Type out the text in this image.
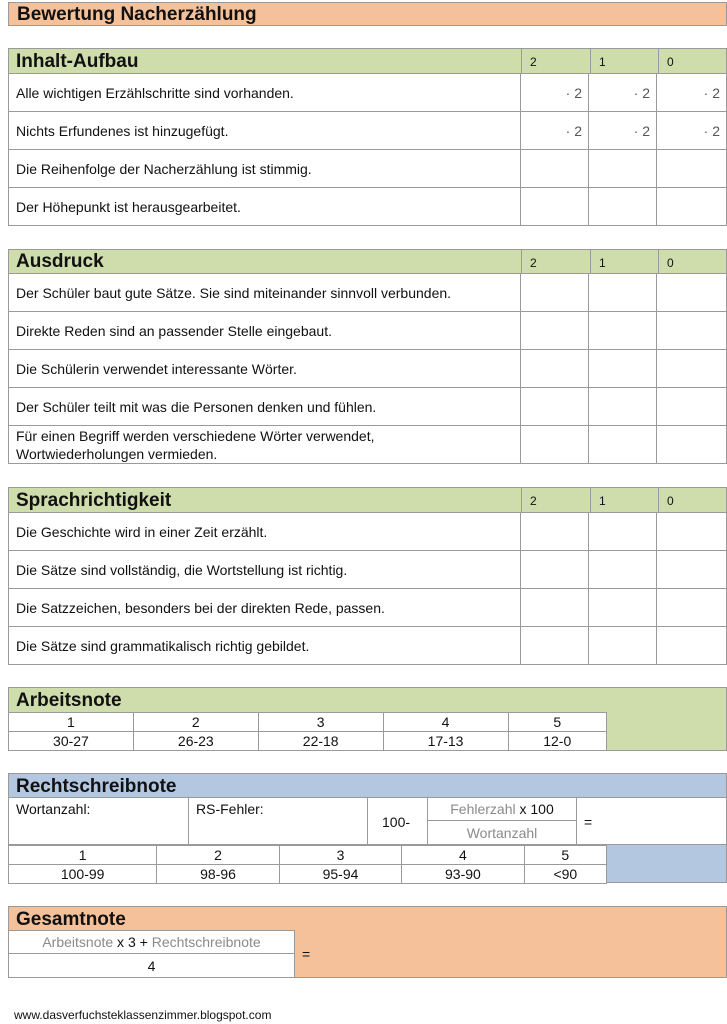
Bewertung Nacherzählung
Inhalt-Aufbau	2	1	0
Alle wichtigen Erzählschritte sind vorhanden.	· 2	· 2	· 2
Nichts Erfundenes ist hinzugefügt.	· 2	· 2	· 2
Die Reihenfolge der Nacherzählung ist stimmig.			
Der Höhepunkt ist herausgearbeitet.			
Ausdruck	2	1	0
Der Schüler baut gute Sätze. Sie sind miteinander sinnvoll verbunden.			
Direkte Reden sind an passender Stelle eingebaut.			
Die Schülerin verwendet interessante Wörter.			
Der Schüler teilt mit was die Personen denken und fühlen.			
Für einen Begriff werden verschiedene Wörter verwendet,
Wortwiederholungen vermieden.			
Sprachrichtigkeit	2	1	0
Die Geschichte wird in einer Zeit erzählt.			
Die Sätze sind vollständig, die Wortstellung ist richtig.			
Die Satzzeichen, besonders bei der direkten Rede, passen.			
Die Sätze sind grammatikalisch richtig gebildet.			
Arbeitsnote
1	2	3	4	5
30-27	26-23	22-18	17-13	12-0
Rechtschreibnote
Wortanzahl:	RS-Fehler:
100-
Fehlerzahl x 100
Wortanzahl
=
1	2	3	4	5
100-99	98-96	95-94	93-90	<90
Gesamtnote
Arbeitsnote x 3 + Rechtschreibnote
4
=
www.dasverfuchsteklassenzimmer.blogspot.com
